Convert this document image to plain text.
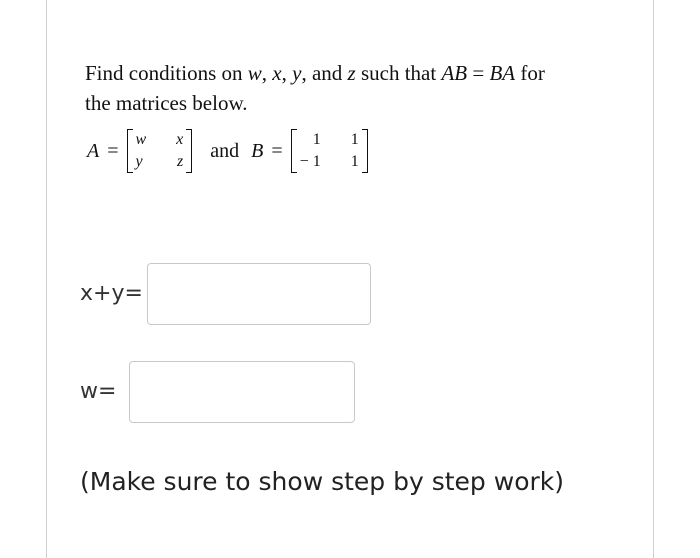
Find conditions on w, x, y, and z such that AB = BA for

the matrices below.

A = w x
y z and B =	1 1
− 1 1
x+y=
w=
(Make sure to show step by step work)
